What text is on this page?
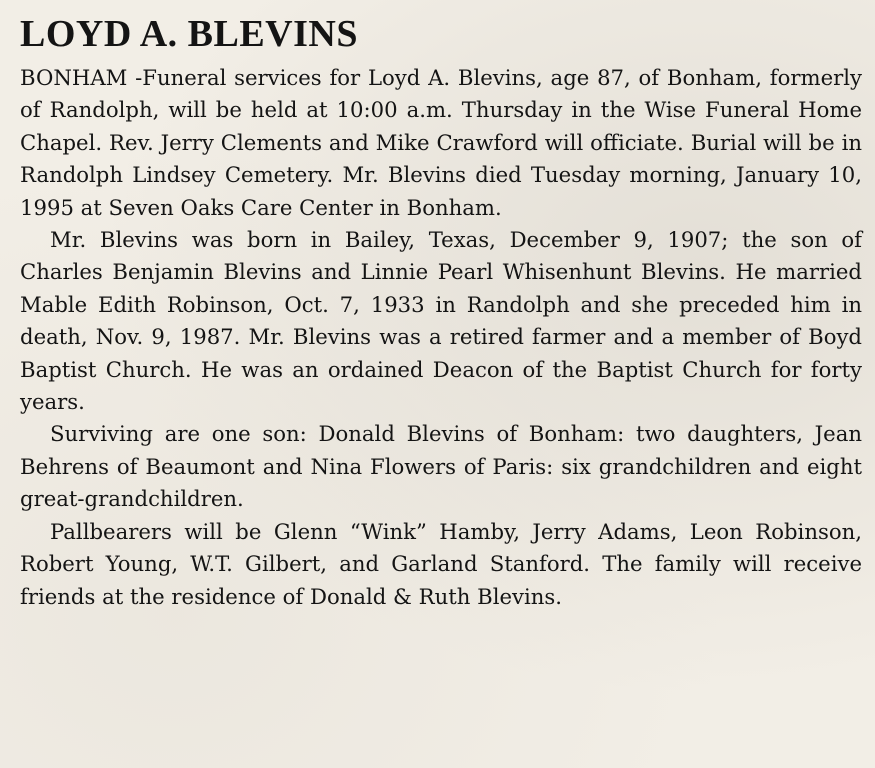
LOYD A. BLEVINS

BONHAM -Funeral services for Loyd A. Blevins, age 87, of Bonham, formerly of Randolph, will be held at 10:00 a.m. Thursday in the Wise Funeral Home Chapel. Rev. Jerry Clements and Mike Crawford will officiate. Burial will be in Randolph Lindsey Cemetery. Mr. Blevins died Tuesday morning, January 10, 1995 at Seven Oaks Care Center in Bonham.

Mr. Blevins was born in Bailey, Texas, December 9, 1907; the son of Charles Benjamin Blevins and Linnie Pearl Whisenhunt Blevins. He married Mable Edith Robinson, Oct. 7, 1933 in Randolph and she preceded him in death, Nov. 9, 1987. Mr. Blevins was a retired farmer and a member of Boyd Baptist Church. He was an ordained Deacon of the Baptist Church for forty years.

Surviving are one son: Donald Blevins of Bonham: two daughters, Jean Behrens of Beaumont and Nina Flowers of Paris: six grandchildren and eight great-grandchildren.

Pallbearers will be Glenn “Wink” Hamby, Jerry Adams, Leon Robinson, Robert Young, W.T. Gilbert, and Garland Stanford. The family will receive friends at the residence of Donald & Ruth Blevins.
